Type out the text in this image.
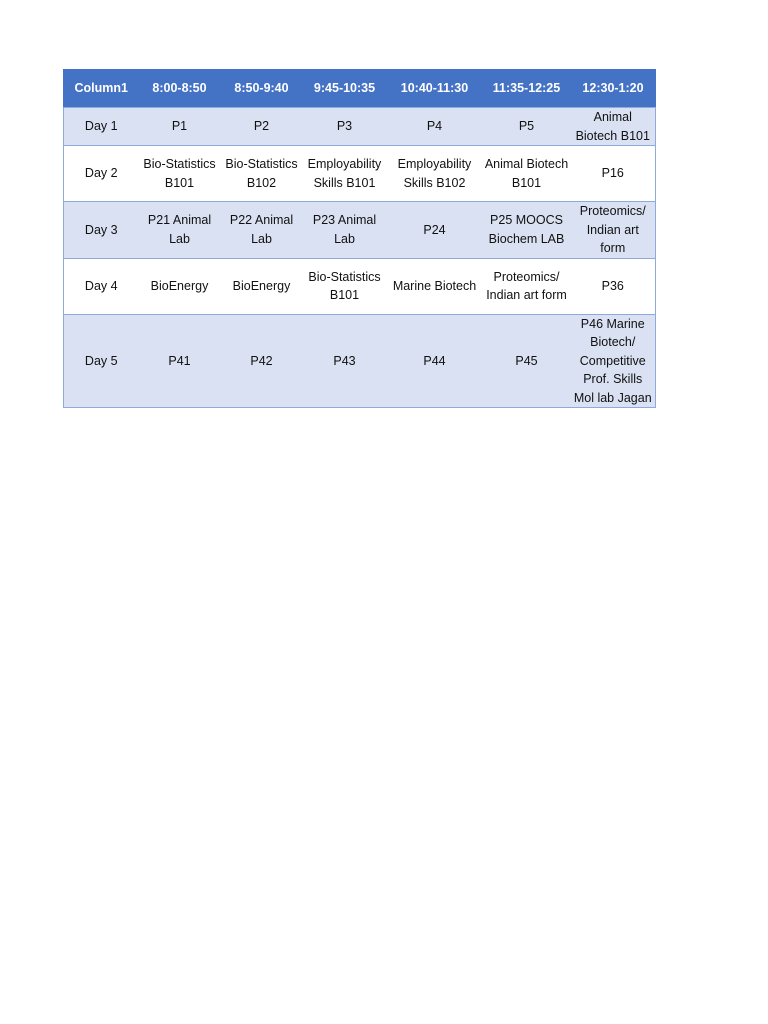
Column1	8:00-8:50	8:50-9:40	9:45-10:35	10:40-11:30	11:35-12:25	12:30-1:20
Day 1	P1	P2	P3	P4	P5	Animal Biotech B101
Day 2	Bio-Statistics B101	Bio-Statistics B102	Employability Skills B101	Employability Skills B102	Animal Biotech B101	P16
Day 3	P21 Animal Lab	P22 Animal Lab	P23 Animal Lab	P24	P25 MOOCS Biochem LAB	Proteomics/ Indian art form
Day 4	BioEnergy	BioEnergy	Bio-Statistics B101	Marine Biotech	Proteomics/ Indian art form	P36
Day 5	P41	P42	P43	P44	P45	P46 Marine Biotech/ Competitive Prof. Skills Mol lab Jagan
